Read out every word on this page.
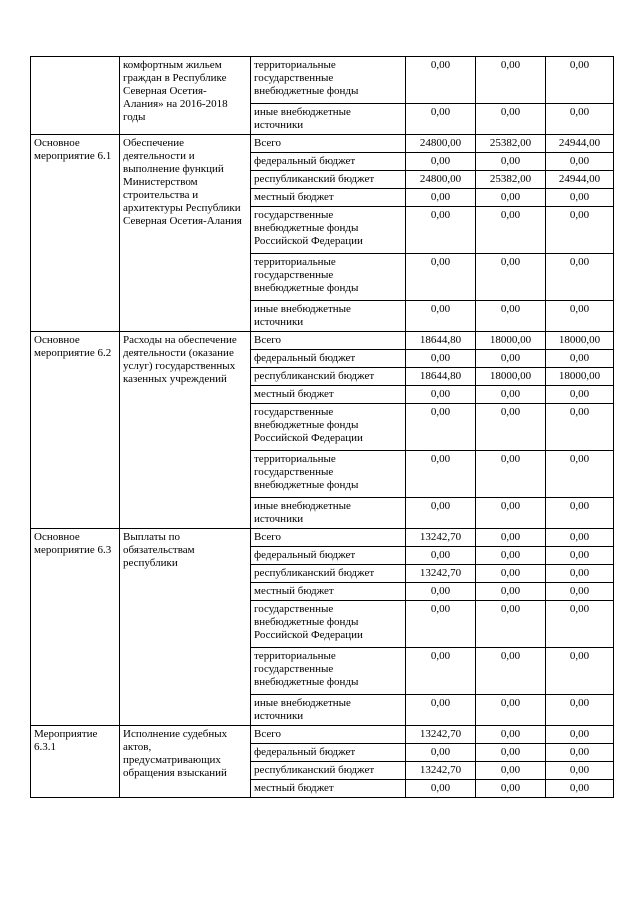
	комфортным жильем граждан в Республике Северная Осетия-Алания» на 2016-2018 годы	территориальные государственные внебюджетные фонды	0,00	0,00	0,00
		иные внебюджетные источники	0,00	0,00	0,00
Основное мероприятие 6.1	Обеспечение деятельности и выполнение функций Министерством строительства и архитектуры Республики Северная Осетия-Алания	Всего	24800,00	25382,00	24944,00
		федеральный бюджет	0,00	0,00	0,00
		республиканский бюджет	24800,00	25382,00	24944,00
		местный бюджет	0,00	0,00	0,00
		государственные внебюджетные фонды Российской Федерации	0,00	0,00	0,00
		территориальные государственные внебюджетные фонды	0,00	0,00	0,00
		иные внебюджетные источники	0,00	0,00	0,00
Основное мероприятие 6.2	Расходы на обеспечение деятельности (оказание услуг) государственных казенных учреждений	Всего	18644,80	18000,00	18000,00
		федеральный бюджет	0,00	0,00	0,00
		республиканский бюджет	18644,80	18000,00	18000,00
		местный бюджет	0,00	0,00	0,00
		государственные внебюджетные фонды Российской Федерации	0,00	0,00	0,00
		территориальные государственные внебюджетные фонды	0,00	0,00	0,00
		иные внебюджетные источники	0,00	0,00	0,00
Основное мероприятие 6.3	Выплаты по обязательствам республики	Всего	13242,70	0,00	0,00
		федеральный бюджет	0,00	0,00	0,00
		республиканский бюджет	13242,70	0,00	0,00
		местный бюджет	0,00	0,00	0,00
		государственные внебюджетные фонды Российской Федерации	0,00	0,00	0,00
		территориальные государственные внебюджетные фонды	0,00	0,00	0,00
		иные внебюджетные источники	0,00	0,00	0,00
Мероприятие 6.3.1	Исполнение судебных актов, предусматривающих обращения взысканий	Всего	13242,70	0,00	0,00
		федеральный бюджет	0,00	0,00	0,00
		республиканский бюджет	13242,70	0,00	0,00
		местный бюджет	0,00	0,00	0,00
